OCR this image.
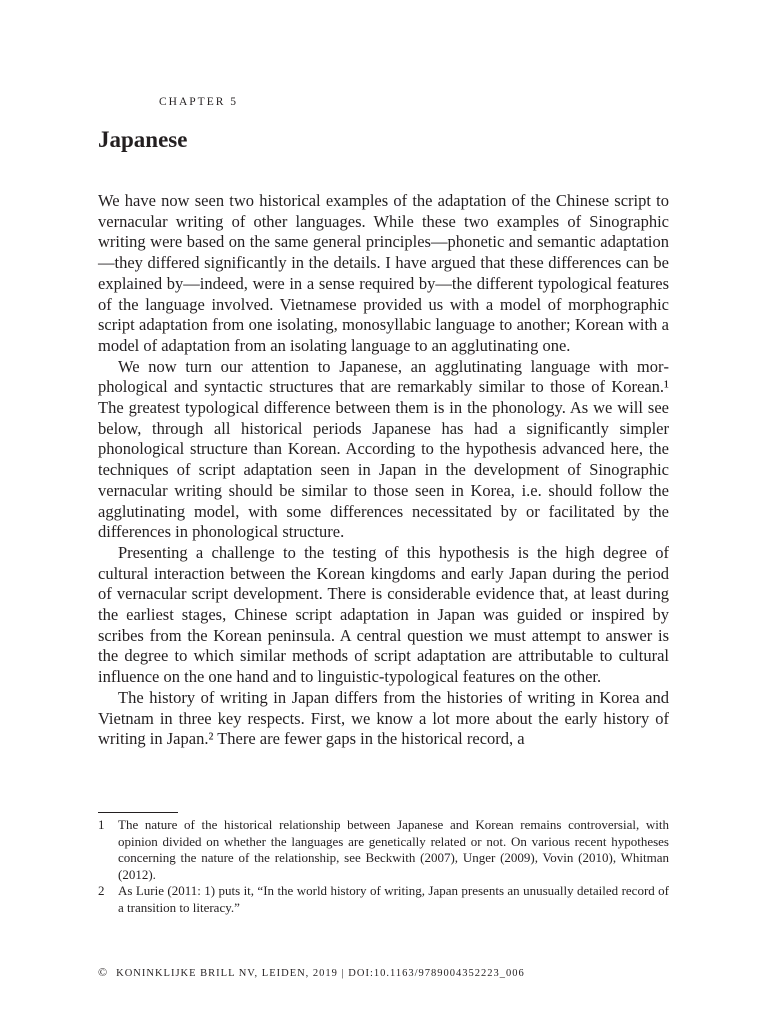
CHAPTER 5
Japanese

We have now seen two historical examples of the adaptation of the Chinese script to vernacular writing of other languages. While these two examples of Sinographic writing were based on the same general principles—phonetic and semantic adaptation—they differed significantly in the details. I have argued that these differences can be explained by—indeed, were in a sense required by—the different typological features of the language involved. Vietnamese provided us with a model of morphographic script adaptation from one isolating, monosyllabic language to another; Korean with a model of adaptation from an isolating language to an agglutinating one.

We now turn our attention to Japanese, an agglutinating language with morphological and syntactic structures that are remarkably similar to those of Korean.¹ The greatest typological difference between them is in the phonology. As we will see below, through all historical periods Japanese has had a significantly simpler phonological structure than Korean. According to the hypothesis advanced here, the techniques of script adaptation seen in Japan in the development of Sinographic vernacular writing should be similar to those seen in Korea, i.e. should follow the agglutinating model, with some differences necessitated by or facilitated by the differences in phonological structure.

Presenting a challenge to the testing of this hypothesis is the high degree of cultural interaction between the Korean kingdoms and early Japan during the period of vernacular script development. There is considerable evidence that, at least during the earliest stages, Chinese script adaptation in Japan was guided or inspired by scribes from the Korean peninsula. A central question we must attempt to answer is the degree to which similar methods of script adaptation are attributable to cultural influence on the one hand and to linguistic-typological features on the other.

The history of writing in Japan differs from the histories of writing in Korea and Vietnam in three key respects. First, we know a lot more about the early history of writing in Japan.² There are fewer gaps in the historical record, a

1	The nature of the historical relationship between Japanese and Korean remains controversial, with opinion divided on whether the languages are genetically related or not. On various recent hypotheses concerning the nature of the relationship, see Beckwith (2007), Unger (2009), Vovin (2010), Whitman (2012).
2	As Lurie (2011: 1) puts it, “In the world history of writing, Japan presents an unusually detailed record of a transition to literacy.”
© KONINKLIJKE BRILL NV, LEIDEN, 2019 | DOI:10.1163/9789004352223_006
